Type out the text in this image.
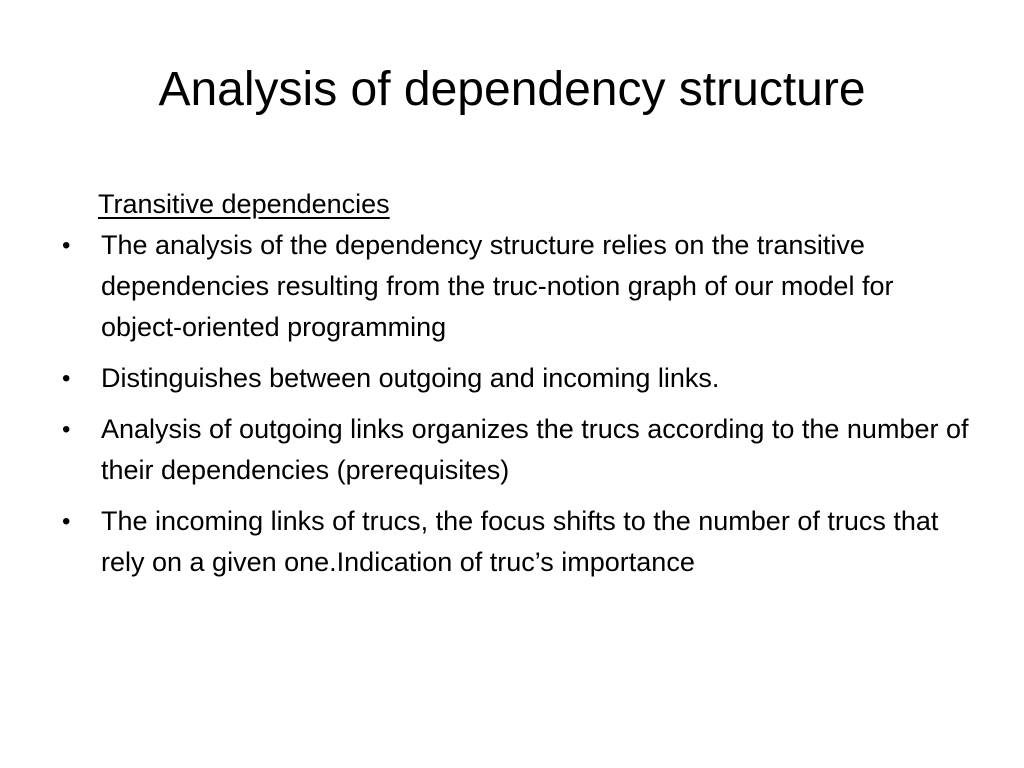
Analysis of dependency structure
Transitive dependencies
• The analysis of the dependency structure relies on the transitive dependencies resulting from the truc-notion graph of our model for object-oriented programming
• Distinguishes between outgoing and incoming links.
• Analysis of outgoing links organizes the trucs according to the number of their dependencies (prerequisites)
• The incoming links of trucs, the focus shifts to the number of trucs that rely on a given one.Indication of truc’s importance
